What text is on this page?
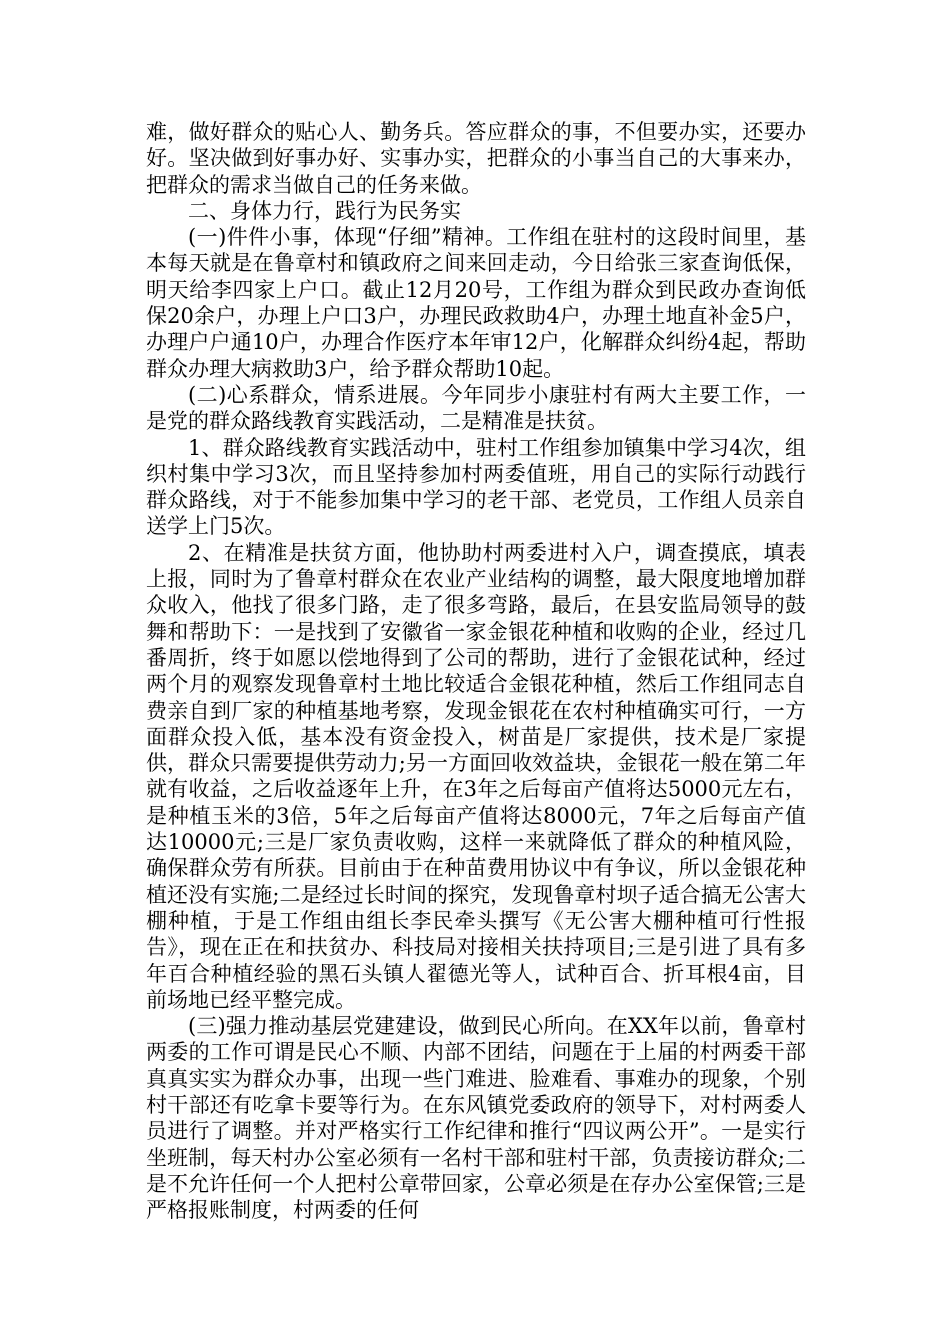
难，做好群众的贴心人、勤务兵。答应群众的事，不但要办实，还要办好。坚决做到好事办好、实事办实，把群众的小事当自己的大事来办，把群众的需求当做自己的任务来做。

二、身体力行，践行为民务实

(一)件件小事，体现“仔细”精神。工作组在驻村的这段时间里，基本每天就是在鲁章村和镇政府之间来回走动，今日给张三家查询低保，明天给李四家上户口。截止12月20号，工作组为群众到民政办查询低保20余户，办理上户口3户，办理民政救助4户，办理土地直补金5户，办理户户通10户，办理合作医疗本年审12户，化解群众纠纷4起，帮助群众办理大病救助3户，给予群众帮助10起。

(二)心系群众，情系进展。今年同步小康驻村有两大主要工作，一是党的群众路线教育实践活动，二是精准是扶贫。

1、群众路线教育实践活动中，驻村工作组参加镇集中学习4次，组织村集中学习3次，而且坚持参加村两委值班，用自己的实际行动践行群众路线，对于不能参加集中学习的老干部、老党员，工作组人员亲自送学上门5次。

2、在精准是扶贫方面，他协助村两委进村入户，调查摸底，填表上报，同时为了鲁章村群众在农业产业结构的调整，最大限度地增加群众收入，他找了很多门路，走了很多弯路，最后，在县安监局领导的鼓舞和帮助下：一是找到了安徽省一家金银花种植和收购的企业，经过几番周折，终于如愿以偿地得到了公司的帮助，进行了金银花试种，经过两个月的观察发现鲁章村土地比较适合金银花种植，然后工作组同志自费亲自到厂家的种植基地考察，发现金银花在农村种植确实可行，一方面群众投入低，基本没有资金投入，树苗是厂家提供，技术是厂家提供，群众只需要提供劳动力;另一方面回收效益块，金银花一般在第二年就有收益，之后收益逐年上升，在3年之后每亩产值将达5000元左右，是种植玉米的3倍，5年之后每亩产值将达8000元，7年之后每亩产值达10000元;三是厂家负责收购，这样一来就降低了群众的种植风险，确保群众劳有所获。目前由于在种苗费用协议中有争议，所以金银花种植还没有实施;二是经过长时间的探究，发现鲁章村坝子适合搞无公害大棚种植，于是工作组由组长李民牵头撰写《无公害大棚种植可行性报告》，现在正在和扶贫办、科技局对接相关扶持项目;三是引进了具有多年百合种植经验的黑石头镇人翟德光等人，试种百合、折耳根4亩，目前场地已经平整完成。

(三)强力推动基层党建建设，做到民心所向。在XX年以前，鲁章村两委的工作可谓是民心不顺、内部不团结，问题在于上届的村两委干部真真实实为群众办事，出现一些门难进、脸难看、事难办的现象，个别村干部还有吃拿卡要等行为。在东风镇党委政府的领导下，对村两委人员进行了调整。并对严格实行工作纪律和推行“四议两公开”。一是实行坐班制，每天村办公室必须有一名村干部和驻村干部，负责接访群众;二是不允许任何一个人把村公章带回家，公章必须是在存办公室保管;三是严格报账制度，村两委的任何
